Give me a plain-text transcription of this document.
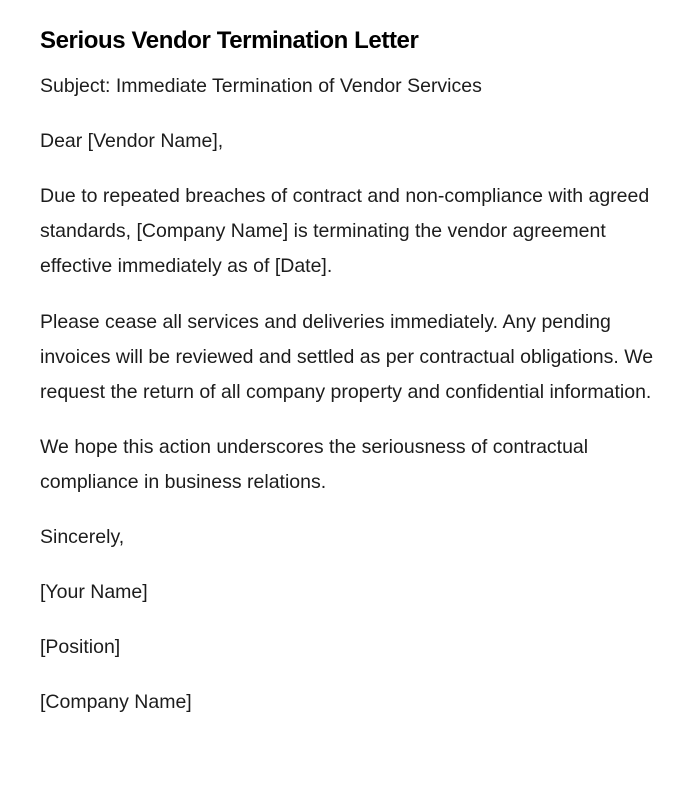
Serious Vendor Termination Letter

Subject: Immediate Termination of Vendor Services

Dear [Vendor Name],

Due to repeated breaches of contract and non-compliance with agreed standards, [Company Name] is terminating the vendor agreement effective immediately as of [Date].

Please cease all services and deliveries immediately. Any pending invoices will be reviewed and settled as per contractual obligations. We request the return of all company property and confidential information.

We hope this action underscores the seriousness of contractual compliance in business relations.

Sincerely,

[Your Name]

[Position]

[Company Name]
